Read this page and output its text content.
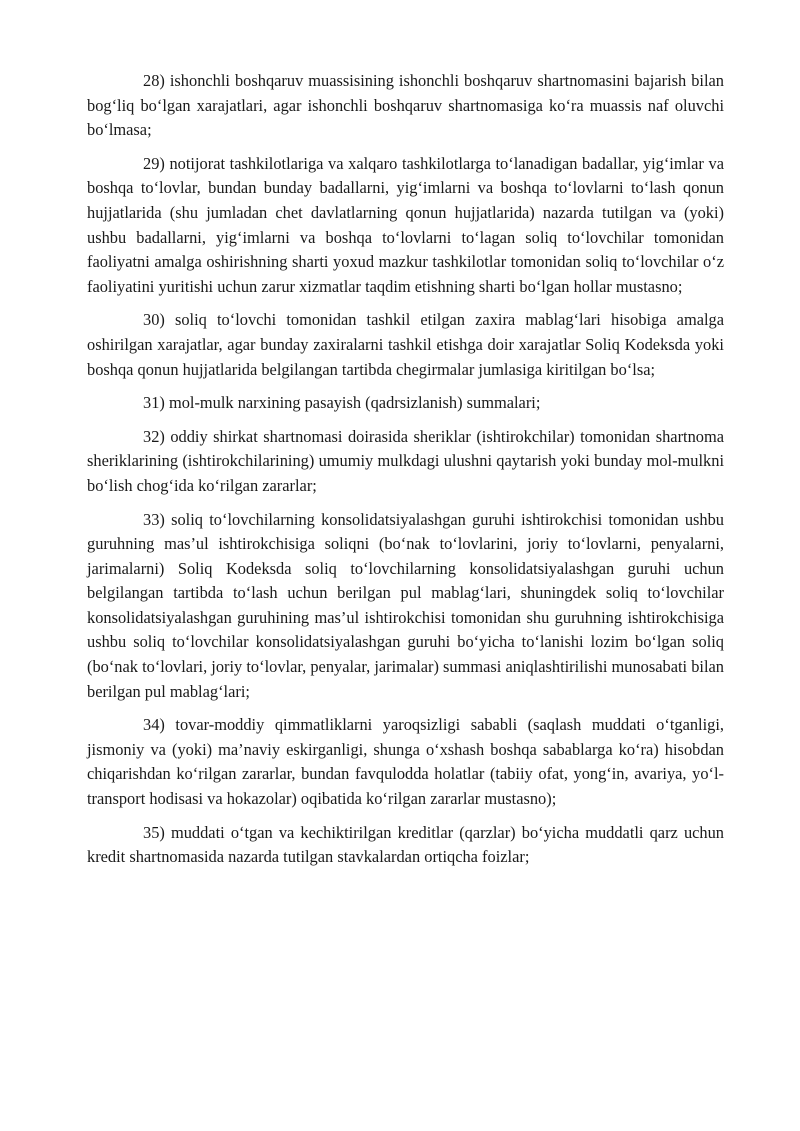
28) ishonchli boshqaruv muassisining ishonchli boshqaruv shartnomasini bajarish bilan bog‘liq bo‘lgan xarajatlari, agar ishonchli boshqaruv shartnomasiga ko‘ra muassis naf oluvchi bo‘lmasa;

29) notijorat tashkilotlariga va xalqaro tashkilotlarga to‘lanadigan badallar, yig‘imlar va boshqa to‘lovlar, bundan bunday badallarni, yig‘imlarni va boshqa to‘lovlarni to‘lash qonun hujjatlarida (shu jumladan chet davlatlarning qonun hujjatlarida) nazarda tutilgan va (yoki) ushbu badallarni, yig‘imlarni va boshqa to‘lovlarni to‘lagan soliq to‘lovchilar tomonidan faoliyatni amalga oshirishning sharti yoxud mazkur tashkilotlar tomonidan soliq to‘lovchilar o‘z faoliyatini yuritishi uchun zarur xizmatlar taqdim etishning sharti bo‘lgan hollar mustasno;

30) soliq to‘lovchi tomonidan tashkil etilgan zaxira mablag‘lari hisobiga amalga oshirilgan xarajatlar, agar bunday zaxiralarni tashkil etishga doir xarajatlar Soliq Kodeksda yoki boshqa qonun hujjatlarida belgilangan tartibda chegirmalar jumlasiga kiritilgan bo‘lsa;

31) mol-mulk narxining pasayish (qadrsizlanish) summalari;

32) oddiy shirkat shartnomasi doirasida sheriklar (ishtirokchilar) tomonidan shartnoma sheriklarining (ishtirokchilarining) umumiy mulkdagi ulushni qaytarish yoki bunday mol-mulkni bo‘lish chog‘ida ko‘rilgan zararlar;

33) soliq to‘lovchilarning konsolidatsiyalashgan guruhi ishtirokchisi tomonidan ushbu guruhning mas’ul ishtirokchisiga soliqni (bo‘nak to‘lovlarini, joriy to‘lovlarni, penyalarni, jarimalarni) Soliq Kodeksda soliq to‘lovchilarning konsolidatsiyalashgan guruhi uchun belgilangan tartibda to‘lash uchun berilgan pul mablag‘lari, shuningdek soliq to‘lovchilar konsolidatsiyalashgan guruhining mas’ul ishtirokchisi tomonidan shu guruhning ishtirokchisiga ushbu soliq to‘lovchilar konsolidatsiyalashgan guruhi bo‘yicha to‘lanishi lozim bo‘lgan soliq (bo‘nak to‘lovlari, joriy to‘lovlar, penyalar, jarimalar) summasi aniqlashtirilishi munosabati bilan berilgan pul mablag‘lari;

34) tovar-moddiy qimmatliklarni yaroqsizligi sababli (saqlash muddati o‘tganligi, jismoniy va (yoki) ma’naviy eskirganligi, shunga o‘xshash boshqa sabablarga ko‘ra) hisobdan chiqarishdan ko‘rilgan zararlar, bundan favqulodda holatlar (tabiiy ofat, yong‘in, avariya, yo‘l-transport hodisasi va hokazolar) oqibatida ko‘rilgan zararlar mustasno);

35) muddati o‘tgan va kechiktirilgan kreditlar (qarzlar) bo‘yicha muddatli qarz uchun kredit shartnomasida nazarda tutilgan stavkalardan ortiqcha foizlar;
